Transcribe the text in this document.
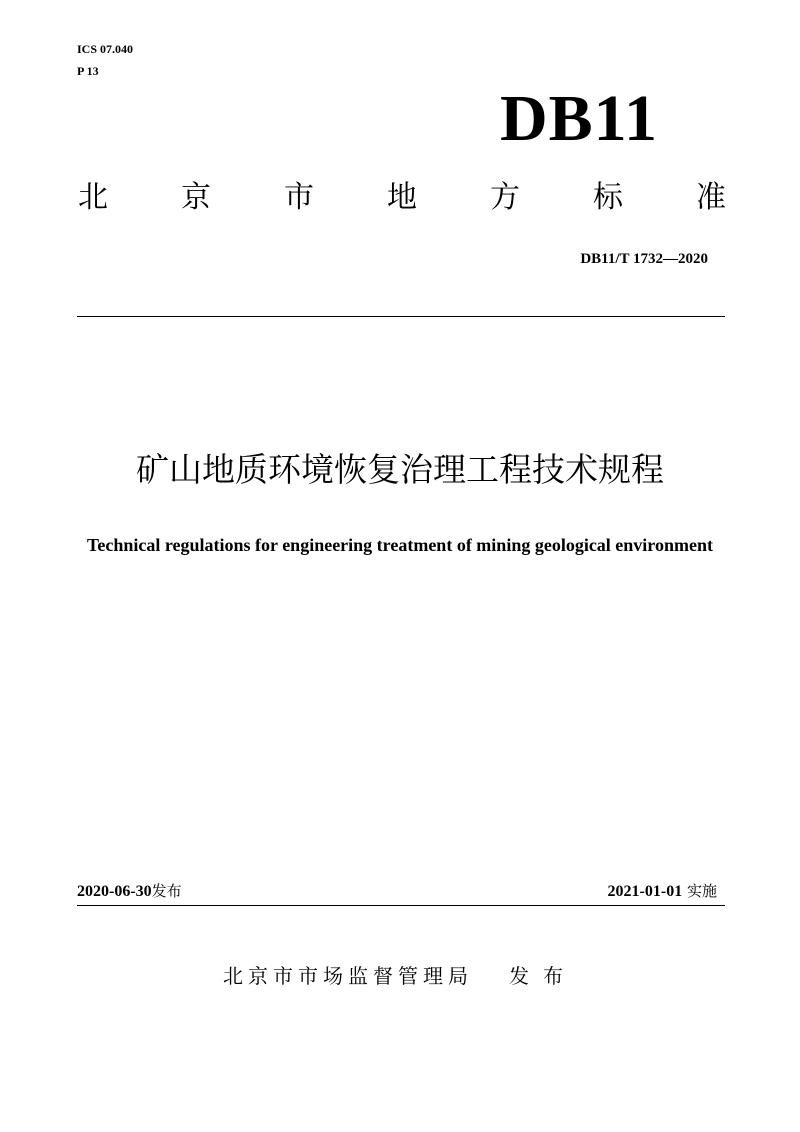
ICS 07.040
P 13
DB11
北 京 市 地 方 标 准
DB11/T 1732—2020
矿山地质环境恢复治理工程技术规程
Technical regulations for engineering treatment of mining geological environment
2020-06-30发布	2021-01-01 实施
北京市市场监督管理局 发布
